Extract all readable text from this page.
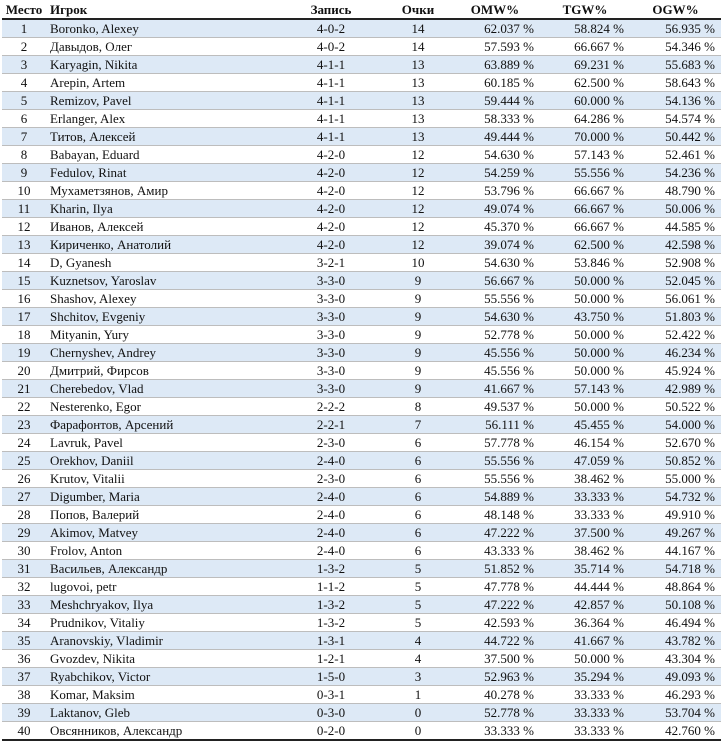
Место	Игрок	Запись	Очки	OMW%	TGW%	OGW%
1	Boronko, Alexey	4-0-2	14	62.037 %	58.824 %	56.935 %
2	Давыдов, Олег	4-0-2	14	57.593 %	66.667 %	54.346 %
3	Karyagin, Nikita	4-1-1	13	63.889 %	69.231 %	55.683 %
4	Arepin, Artem	4-1-1	13	60.185 %	62.500 %	58.643 %
5	Remizov, Pavel	4-1-1	13	59.444 %	60.000 %	54.136 %
6	Erlanger, Alex	4-1-1	13	58.333 %	64.286 %	54.574 %
7	Титов, Алексей	4-1-1	13	49.444 %	70.000 %	50.442 %
8	Babayan, Eduard	4-2-0	12	54.630 %	57.143 %	52.461 %
9	Fedulov, Rinat	4-2-0	12	54.259 %	55.556 %	54.236 %
10	Мухаметзянов, Амир	4-2-0	12	53.796 %	66.667 %	48.790 %
11	Kharin, Ilya	4-2-0	12	49.074 %	66.667 %	50.006 %
12	Иванов, Алексей	4-2-0	12	45.370 %	66.667 %	44.585 %
13	Кириченко, Анатолий	4-2-0	12	39.074 %	62.500 %	42.598 %
14	D, Gyanesh	3-2-1	10	54.630 %	53.846 %	52.908 %
15	Kuznetsov, Yaroslav	3-3-0	9	56.667 %	50.000 %	52.045 %
16	Shashov, Alexey	3-3-0	9	55.556 %	50.000 %	56.061 %
17	Shchitov, Evgeniy	3-3-0	9	54.630 %	43.750 %	51.803 %
18	Mityanin, Yury	3-3-0	9	52.778 %	50.000 %	52.422 %
19	Chernyshev, Andrey	3-3-0	9	45.556 %	50.000 %	46.234 %
20	Дмитрий, Фирсов	3-3-0	9	45.556 %	50.000 %	45.924 %
21	Cherebedov, Vlad	3-3-0	9	41.667 %	57.143 %	42.989 %
22	Nesterenko, Egor	2-2-2	8	49.537 %	50.000 %	50.522 %
23	Фарафонтов, Арсений	2-2-1	7	56.111 %	45.455 %	54.000 %
24	Lavruk, Pavel	2-3-0	6	57.778 %	46.154 %	52.670 %
25	Orekhov, Daniil	2-4-0	6	55.556 %	47.059 %	50.852 %
26	Krutov, Vitalii	2-3-0	6	55.556 %	38.462 %	55.000 %
27	Digumber, Maria	2-4-0	6	54.889 %	33.333 %	54.732 %
28	Попов, Валерий	2-4-0	6	48.148 %	33.333 %	49.910 %
29	Akimov, Matvey	2-4-0	6	47.222 %	37.500 %	49.267 %
30	Frolov, Anton	2-4-0	6	43.333 %	38.462 %	44.167 %
31	Васильев, Александр	1-3-2	5	51.852 %	35.714 %	54.718 %
32	lugovoi, petr	1-1-2	5	47.778 %	44.444 %	48.864 %
33	Meshchryakov, Ilya	1-3-2	5	47.222 %	42.857 %	50.108 %
34	Prudnikov, Vitaliy	1-3-2	5	42.593 %	36.364 %	46.494 %
35	Aranovskiy, Vladimir	1-3-1	4	44.722 %	41.667 %	43.782 %
36	Gvozdev, Nikita	1-2-1	4	37.500 %	50.000 %	43.304 %
37	Ryabchikov, Victor	1-5-0	3	52.963 %	35.294 %	49.093 %
38	Komar, Maksim	0-3-1	1	40.278 %	33.333 %	46.293 %
39	Laktanov, Gleb	0-3-0	0	52.778 %	33.333 %	53.704 %
40	Овсянников, Александр	0-2-0	0	33.333 %	33.333 %	42.760 %
